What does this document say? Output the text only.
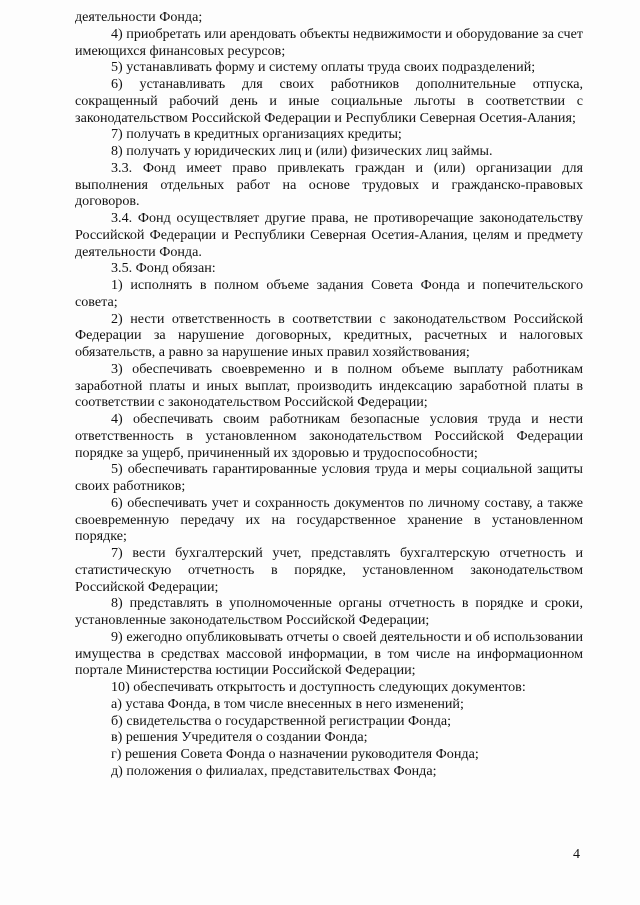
деятельности Фонда;

4) приобретать или арендовать объекты недвижимости и оборудование за счет имеющихся финансовых ресурсов;

5) устанавливать форму и систему оплаты труда своих подразделений;

6) устанавливать для своих работников дополнительные отпуска, сокращенный рабочий день и иные социальные льготы в соответствии с законодательством Российской Федерации и Республики Северная Осетия-Алания;

7) получать в кредитных организациях кредиты;

8) получать у юридических лиц и (или) физических лиц займы.

3.3. Фонд имеет право привлекать граждан и (или) организации для выполнения отдельных работ на основе трудовых и гражданско-правовых договоров.

3.4. Фонд осуществляет другие права, не противоречащие законодательству Российской Федерации и Республики Северная Осетия-Алания, целям и предмету деятельности Фонда.

3.5. Фонд обязан:

1) исполнять в полном объеме задания Совета Фонда и попечительского совета;

2) нести ответственность в соответствии с законодательством Российской Федерации за нарушение договорных, кредитных, расчетных и налоговых обязательств, а равно за нарушение иных правил хозяйствования;

3) обеспечивать своевременно и в полном объеме выплату работникам заработной платы и иных выплат, производить индексацию заработной платы в соответствии с законодательством Российской Федерации;

4) обеспечивать своим работникам безопасные условия труда и нести ответственность в установленном законодательством Российской Федерации порядке за ущерб, причиненный их здоровью и трудоспособности;

5) обеспечивать гарантированные условия труда и меры социальной защиты своих работников;

6) обеспечивать учет и сохранность документов по личному составу, а также своевременную передачу их на государственное хранение в установленном порядке;

7) вести бухгалтерский учет, представлять бухгалтерскую отчетность и статистическую отчетность в порядке, установленном законодательством Российской Федерации;

8) представлять в уполномоченные органы отчетность в порядке и сроки, установленные законодательством Российской Федерации;

9) ежегодно опубликовывать отчеты о своей деятельности и об использовании имущества в средствах массовой информации, в том числе на информационном портале Министерства юстиции Российской Федерации;

10) обеспечивать открытость и доступность следующих документов:

а) устава Фонда, в том числе внесенных в него изменений;

б) свидетельства о государственной регистрации Фонда;

в) решения Учредителя о создании Фонда;

г) решения Совета Фонда о назначении руководителя Фонда;

д) положения о филиалах, представительствах Фонда;

4
